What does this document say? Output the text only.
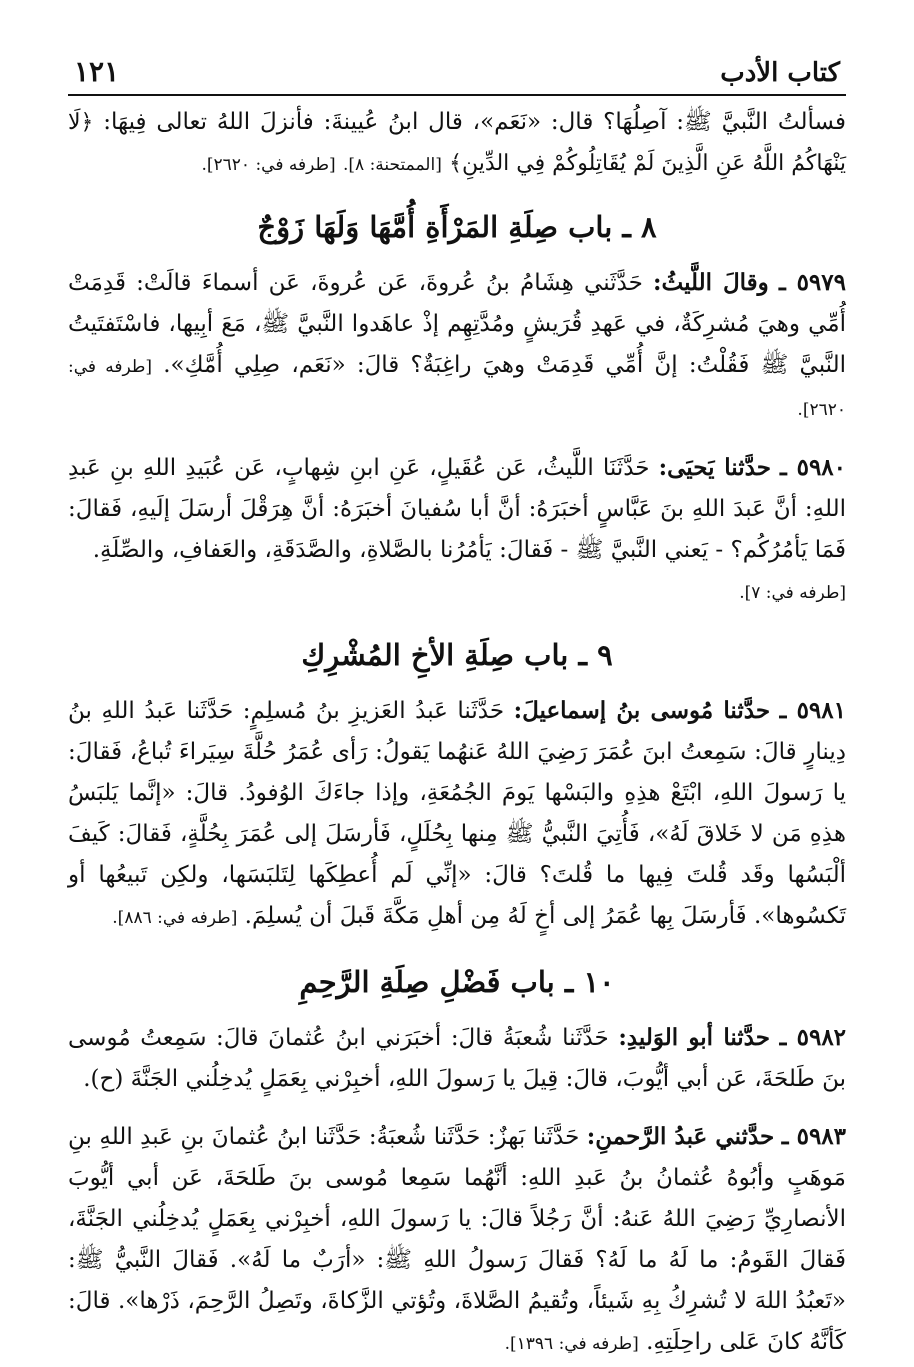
كتاب الأدب
١٢١

فسألتُ النَّبيَّ ﷺ: آصِلُهَا؟ قال: «نَعَم»، قال ابنُ عُيينةَ: فأنزلَ اللهُ تعالى فِيهَا: ﴿لَا يَنْهَاكُمُ اللَّهُ عَنِ الَّذِينَ لَمْ يُقَاتِلُوكُمْ فِي الدِّينِ﴾ [الممتحنة: ٨]. [طرفه في: ٢٦٢٠].

٨ ـ باب صِلَةِ المَرْأَةِ أُمَّهَا وَلَهَا زَوْجٌ

٥٩٧٩ ـ وقالَ اللَّيثُ: حَدَّثَني هِشَامُ بنُ عُروةَ، عَن عُروةَ، عَن أسماءَ قالَتْ: قَدِمَتْ أُمِّي وهيَ مُشرِكَةٌ، في عَهدِ قُرَيشٍ ومُدَّتِهِم إذْ عاهَدوا النَّبيَّ ﷺ، مَعَ أبِيها، فاسْتَفتَيتُ النَّبيَّ ﷺ فَقُلْتُ: إنَّ أُمِّي قَدِمَتْ وهيَ راغِبَةٌ؟ قالَ: «نَعَم، صِلِي أُمَّكِ». [طرفه في: ٢٦٢٠].

٥٩٨٠ ـ حدَّثنا يَحيَى: حَدَّثَنَا اللَّيثُ، عَن عُقَيلٍ، عَنِ ابنِ شِهابٍ، عَن عُبَيدِ اللهِ بنِ عَبدِ اللهِ: أنَّ عَبدَ اللهِ بنَ عَبَّاسٍ أخبَرَهُ: أنَّ أبا سُفيانَ أخبَرَهُ: أنَّ هِرَقْلَ أرسَلَ إلَيهِ، فَقالَ: فَمَا يَأمُرُكُم؟ - يَعني النَّبيَّ ﷺ - فَقالَ: يَأمُرُنا بالصَّلاةِ، والصَّدَقَةِ، والعَفافِ، والصِّلَةِ.
[طرفه في: ٧].

٩ ـ باب صِلَةِ الأخِ المُشْرِكِ

٥٩٨١ ـ حدَّثنا مُوسى بنُ إسماعيلَ: حَدَّثَنا عَبدُ العَزيزِ بنُ مُسلِمٍ: حَدَّثَنا عَبدُ اللهِ بنُ دِينارٍ قالَ: سَمِعتُ ابنَ عُمَرَ رَضِيَ اللهُ عَنهُما يَقولُ: رَأى عُمَرُ حُلَّةَ سِيَراءَ تُباعُ، فَقالَ: يا رَسولَ اللهِ، ابْتَعْ هذِهِ والبَسْها يَومَ الجُمُعَةِ، وإذا جاءَكَ الوُفودُ. قالَ: «إنَّما يَلبَسُ هذِهِ مَن لا خَلاقَ لَهُ»، فَأُتِيَ النَّبيُّ ﷺ مِنها بِحُلَلٍ، فَأرسَلَ إلى عُمَرَ بِحُلَّةٍ، فَقالَ: كَيفَ ألْبَسُها وقَد قُلتَ فِيها ما قُلتَ؟ قالَ: «إنِّي لَم أُعطِكَها لِتَلبَسَها، ولكِن تَبيعُها أو تَكسُوها». فَأرسَلَ بِها عُمَرُ إلى أخٍ لَهُ مِن أهلِ مَكَّةَ قَبلَ أن يُسلِمَ. [طرفه في: ٨٨٦].

١٠ ـ باب فَضْلِ صِلَةِ الرَّحِمِ

٥٩٨٢ ـ حدَّثنا أبو الوَليدِ: حَدَّثَنا شُعبَةُ قالَ: أخبَرَني ابنُ عُثمانَ قالَ: سَمِعتُ مُوسى بنَ طَلحَةَ، عَن أبي أيُّوبَ، قالَ: قِيلَ يا رَسولَ اللهِ، أخبِرْني بِعَمَلٍ يُدخِلُني الجَنَّةَ (ح).

٥٩٨٣ ـ حدَّثني عَبدُ الرَّحمنِ: حَدَّثَنا بَهزٌ: حَدَّثَنا شُعبَةُ: حَدَّثَنا ابنُ عُثمانَ بنِ عَبدِ اللهِ بنِ مَوهَبٍ وأبُوهُ عُثمانُ بنُ عَبدِ اللهِ: أنَّهُما سَمِعا مُوسى بنَ طَلحَةَ، عَن أبي أيُّوبَ الأنصارِيِّ رَضِيَ اللهُ عَنهُ: أنَّ رَجُلاً قالَ: يا رَسولَ اللهِ، أخبِرْني بِعَمَلٍ يُدخِلُني الجَنَّةَ، فَقالَ القَومُ: ما لَهُ ما لَهُ؟ فَقالَ رَسولُ اللهِ ﷺ: «أرَبٌ ما لَهُ». فَقالَ النَّبيُّ ﷺ: «تَعبُدُ اللهَ لا تُشرِكُ بِهِ شَيئاً، وتُقيمُ الصَّلاةَ، وتُؤتي الزَّكاةَ، وتَصِلُ الرَّحِمَ، ذَرْها». قالَ: كَأنَّهُ كانَ عَلى راحِلَتِهِ. [طرفه في: ١٣٩٦].
